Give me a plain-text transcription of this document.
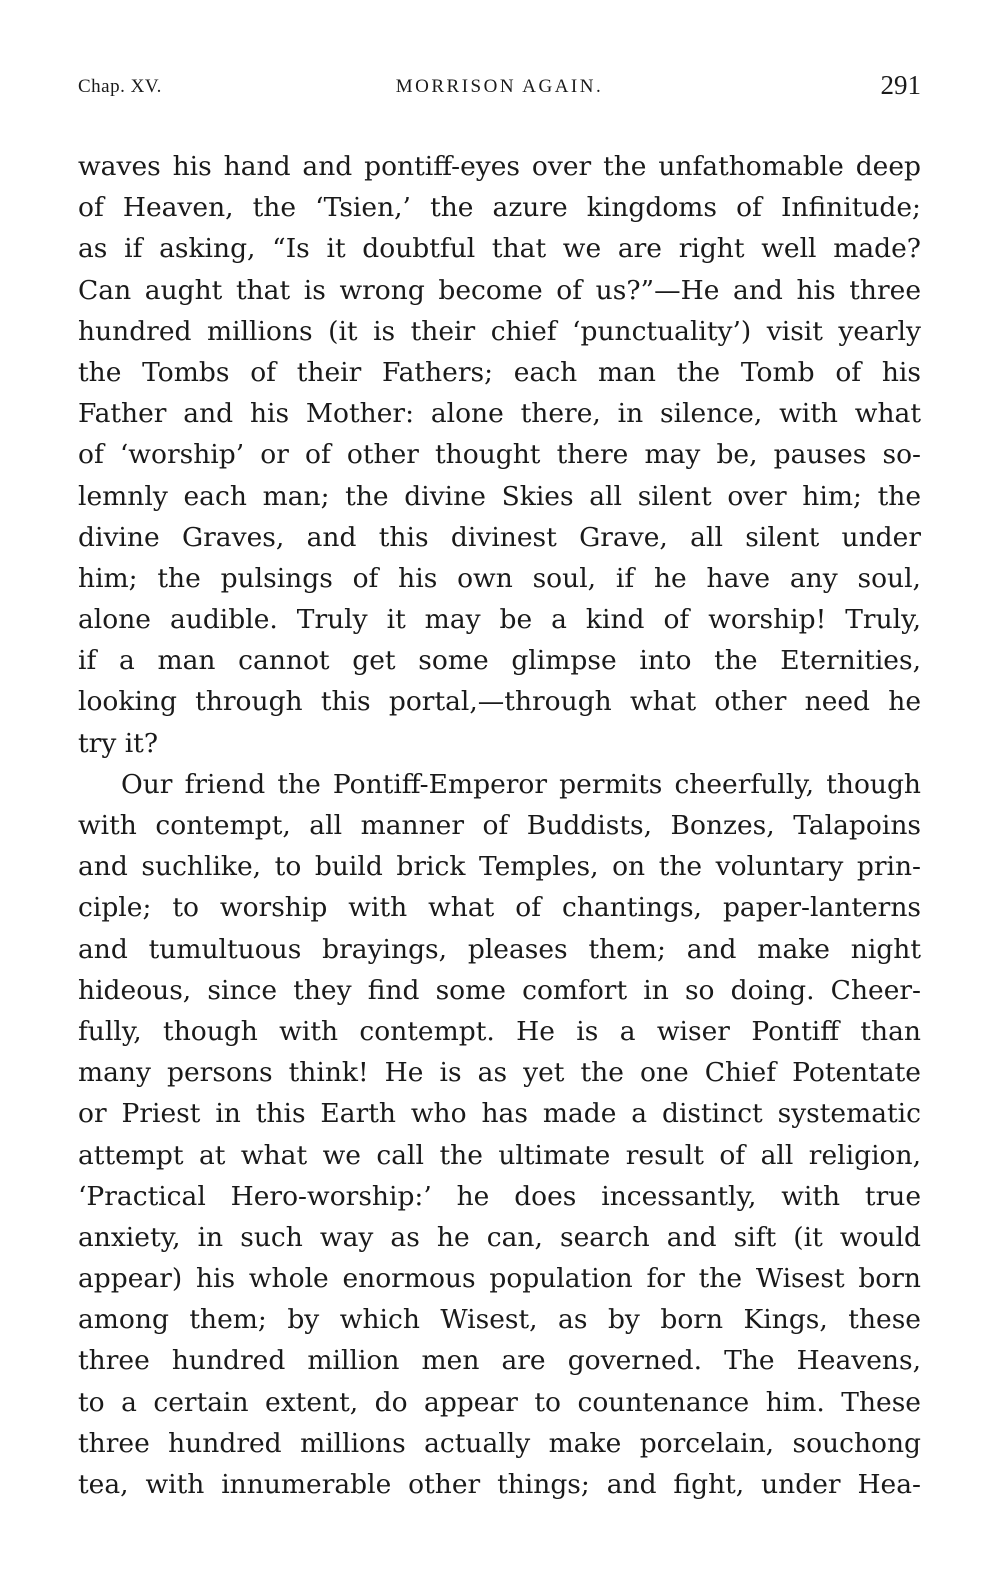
Chap. XV.	MORRISON AGAIN.	291
waves his hand and pontiff-eyes over the unfathomable deep
of Heaven, the ‘Tsien,’ the azure kingdoms of Infinitude;
as if asking, “Is it doubtful that we are right well made?
Can aught that is wrong become of us?”—He and his three
hundred millions (it is their chief ‘punctuality’) visit yearly
the Tombs of their Fathers; each man the Tomb of his
Father and his Mother: alone there, in silence, with what
of ‘worship’ or of other thought there may be, pauses so-
lemnly each man; the divine Skies all silent over him; the
divine Graves, and this divinest Grave, all silent under
him; the pulsings of his own soul, if he have any soul,
alone audible. Truly it may be a kind of worship! Truly,
if a man cannot get some glimpse into the Eternities,
looking through this portal,—through what other need he
try it?
Our friend the Pontiff-Emperor permits cheerfully, though
with contempt, all manner of Buddists, Bonzes, Talapoins
and suchlike, to build brick Temples, on the voluntary prin-
ciple; to worship with what of chantings, paper-lanterns
and tumultuous brayings, pleases them; and make night
hideous, since they find some comfort in so doing. Cheer-
fully, though with contempt. He is a wiser Pontiff than
many persons think! He is as yet the one Chief Potentate
or Priest in this Earth who has made a distinct systematic
attempt at what we call the ultimate result of all religion,
‘Practical Hero-worship:’ he does incessantly, with true
anxiety, in such way as he can, search and sift (it would
appear) his whole enormous population for the Wisest born
among them; by which Wisest, as by born Kings, these
three hundred million men are governed. The Heavens,
to a certain extent, do appear to countenance him. These
three hundred millions actually make porcelain, souchong
tea, with innumerable other things; and fight, under Hea-
